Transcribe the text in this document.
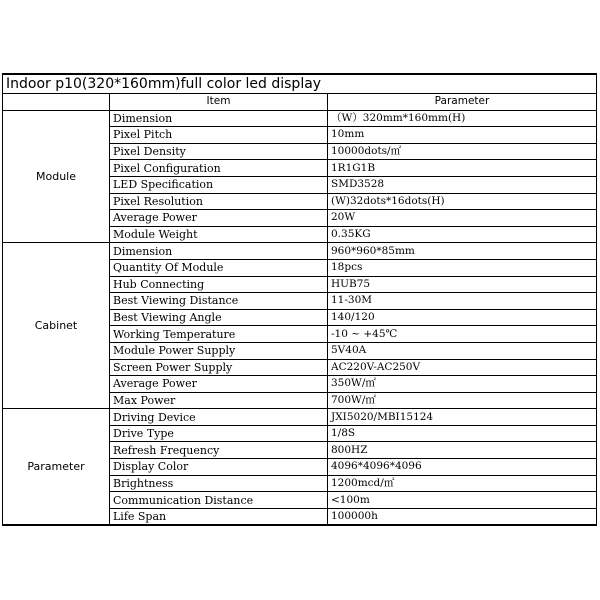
Indoor p10(320*160mm)full color led display		
	Item	Parameter
Module	Dimension	（W）320mm*160mm(H)
	Pixel Pitch	10mm
	Pixel Density	10000dots/㎡
	Pixel Configuration	1R1G1B
	LED Specification	SMD3528
	Pixel Resolution	(W)32dots*16dots(H)
	Average Power	20W
	Module Weight	0.35KG
Cabinet	Dimension	960*960*85mm
	Quantity Of Module	18pcs
	Hub Connecting	HUB75
	Best Viewing Distance	11-30M
	Best Viewing Angle	140/120
	Working Temperature	-10 ~ +45℃
	Module Power Supply	5V40A
	Screen Power Supply	AC220V-AC250V
	Average Power	350W/㎡
	Max Power	700W/㎡
Parameter	Driving Device	JXI5020/MBI15124
	Drive Type	1/8S
	Refresh Frequency	800HZ
	Display Color	4096*4096*4096
	Brightness	1200mcd/㎡
	Communication Distance	<100m
	Life Span	100000h
